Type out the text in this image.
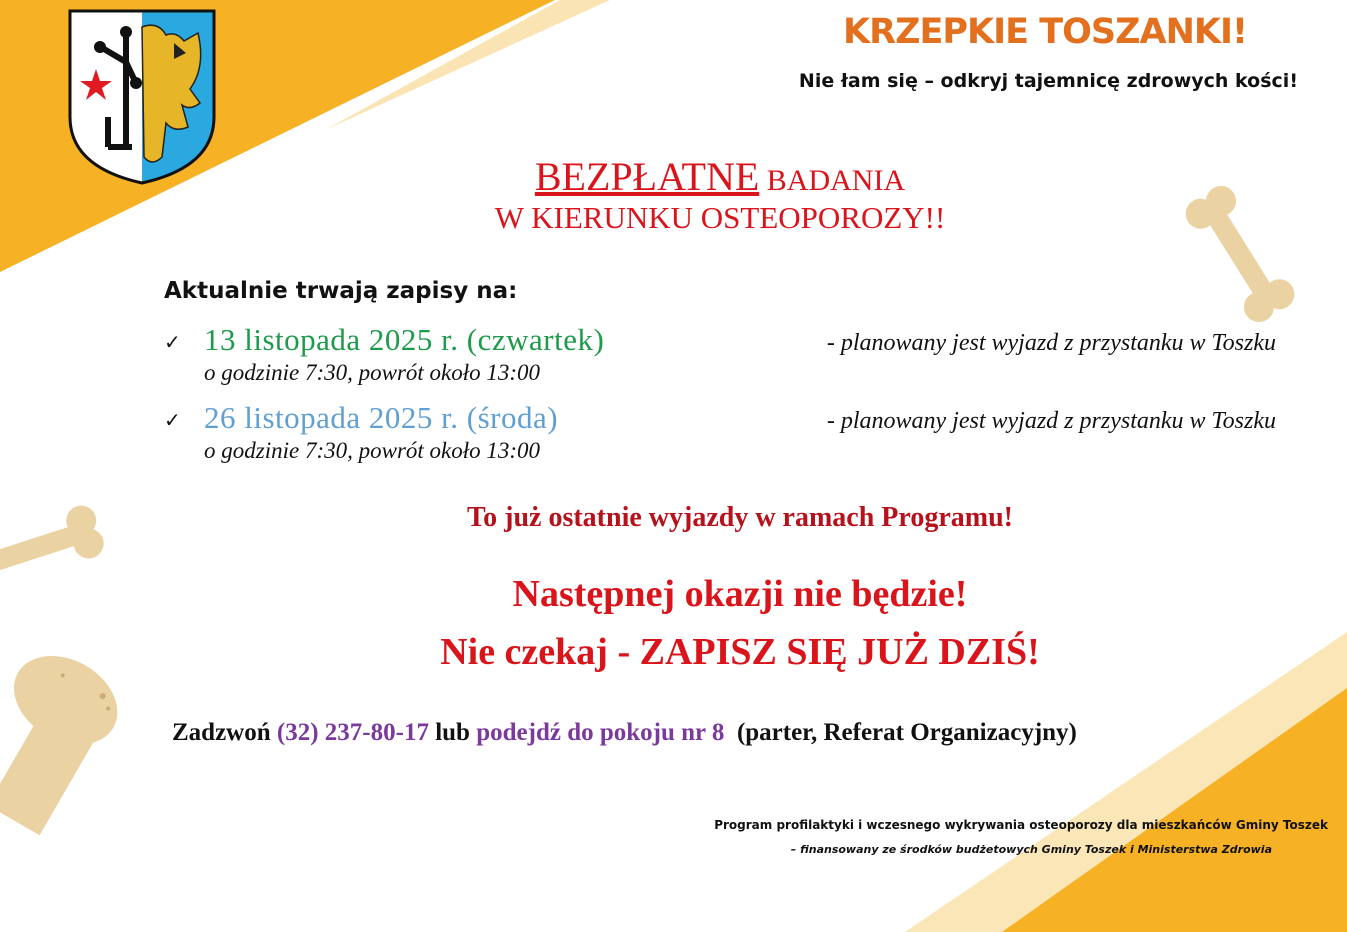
KRZEPKIE TOSZANKI!
Nie łam się – odkryj tajemnicę zdrowych kości!
BEZPŁATNE BADANIA
W KIERUNKU OSTEOPOROZY!!
Aktualnie trwają zapisy na:
✓ 13 listopada 2025 r. (czwartek)	- planowany jest wyjazd z przystanku w Toszku
o godzinie 7:30, powrót około 13:00
✓ 26 listopada 2025 r. (środa)	- planowany jest wyjazd z przystanku w Toszku
o godzinie 7:30, powrót około 13:00
To już ostatnie wyjazdy w ramach Programu!
Następnej okazji nie będzie!
Nie czekaj - ZAPISZ SIĘ JUŻ DZIŚ!
Zadzwoń (32) 237-80-17 lub podejdź do pokoju nr 8  (parter, Referat Organizacyjny)
Program profilaktyki i wczesnego wykrywania osteoporozy dla mieszkańców Gminy Toszek
– finansowany ze środków budżetowych Gminy Toszek i Ministerstwa Zdrowia
